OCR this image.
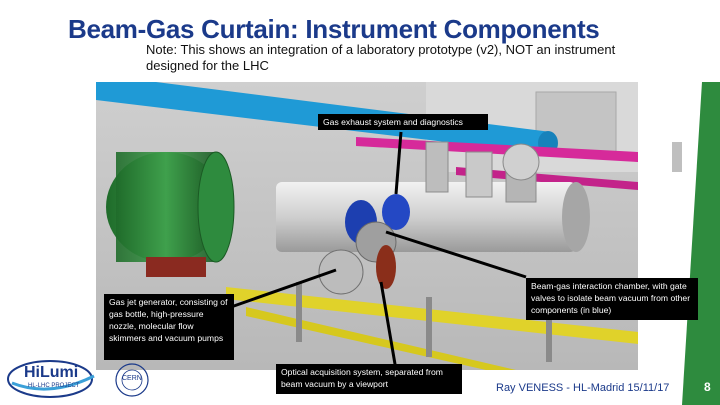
Beam-Gas Curtain: Instrument Components
Note: This shows an integration of a laboratory prototype (v2), NOT an instrument designed for the LHC
Gas exhaust system and diagnostics
Beam-gas interaction chamber, with gate valves to isolate beam vacuum from other components (in blue)
Gas jet generator, consisting of gas bottle, high-pressure nozzle, molecular flow skimmers and vacuum pumps
Optical acquisition system, separated from beam vacuum by a viewport
HiLumi
HL-LHC PROJECT
CERN
Ray VENESS - HL-Madrid 15/11/17	8
